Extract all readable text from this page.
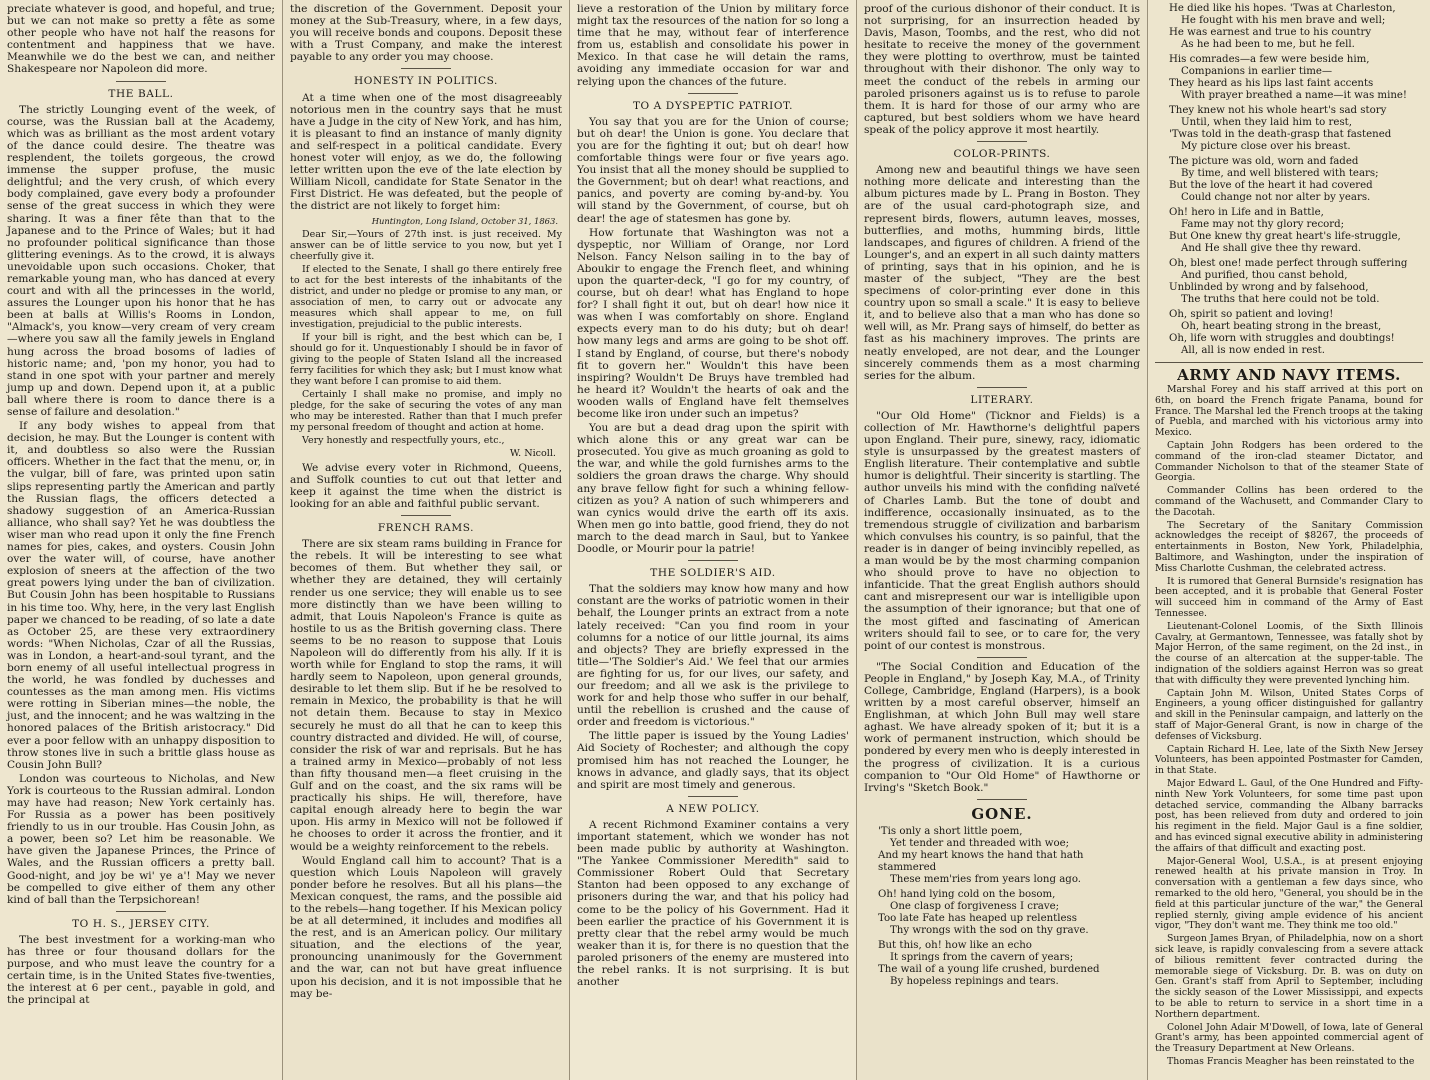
preciate whatever is good, and hopeful, and true; but we can not make so pretty a fête as some other people who have not half the reasons for contentment and happiness that we have. Meanwhile we do the best we can, and neither Shakespeare nor Napoleon did more.

THE BALL.

The strictly Lounging event of the week, of course, was the Russian ball at the Academy, which was as brilliant as the most ardent votary of the dance could desire. The theatre was resplendent, the toilets gorgeous, the crowd immense the supper profuse, the music delightful; and the very crush, of which every body complained, gave every body a profounder sense of the great success in which they were sharing. It was a finer fête than that to the Japanese and to the Prince of Wales; but it had no profounder political significance than those glittering evenings. As to the crowd, it is always unevoidable upon such occasions. Choker, that remarkable young man, who has danced at every court and with all the princesses in the world, assures the Lounger upon his honor that he has been at balls at Willis's Rooms in London, "Almack's, you know—very cream of very cream—where you saw all the family jewels in England hung across the broad bosoms of ladies of historic name; and, 'pon my honor, you had to stand in one spot with your partner and merely jump up and down. Depend upon it, at a public ball where there is room to dance there is a sense of failure and desolation."

If any body wishes to appeal from that decision, he may. But the Lounger is content with it, and doubtless so also were the Russian officers. Whether in the fact that the menu, or, in the vulgar, bill of fare, was printed upon satin slips representing partly the American and partly the Russian flags, the officers detected a shadowy suggestion of an America-Russian alliance, who shall say? Yet he was doubtless the wiser man who read upon it only the fine French names for pies, cakes, and oysters. Cousin John over the water will, of course, have another explosion of sneers at the affection of the two great powers lying under the ban of civilization. But Cousin John has been hospitable to Russians in his time too. Why, here, in the very last English paper we chanced to be reading, of so late a date as October 25, are these very extraordinery words: "When Nicholas, Czar of all the Russias, was in London, a heart-and-soul tyrant, and the born enemy of all useful intellectual progress in the world, he was fondled by duchesses and countesses as the man among men. His victims were rotting in Siberian mines—the noble, the just, and the innocent; and he was waltzing in the honored palaces of the British aristocracy." Did ever a poor fellow with an unhappy disposition to throw stones live in such a brittle glass house as Cousin John Bull?

London was courteous to Nicholas, and New York is courteous to the Russian admiral. London may have had reason; New York certainly has. For Russia as a power has been positively friendly to us in our trouble. Has Cousin John, as a power, been so? Let him be reasonable. We have given the Japanese Princes, the Prince of Wales, and the Russian officers a pretty ball. Good-night, and joy be wi' ye a'! May we never be compelled to give either of them any other kind of ball than the Terpsichorean!

TO H. S., JERSEY CITY.

The best investment for a working-man who has three or four thousand dollars for the purpose, and who must leave the country for a certain time, is in the United States five-twenties, the interest at 6 per cent., payable in gold, and the principal at

the discretion of the Government. Deposit your money at the Sub-Treasury, where, in a few days, you will receive bonds and coupons. Deposit these with a Trust Company, and make the interest payable to any order you may choose.

HONESTY IN POLITICS.

At a time when one of the most disagreeably notorious men in the country says that he must have a Judge in the city of New York, and has him, it is pleasant to find an instance of manly dignity and self-respect in a political candidate. Every honest voter will enjoy, as we do, the following letter written upon the eve of the late election by William Nicoll, candidate for State Senator in the First District. He was defeated, but the people of the district are not likely to forget him:

Huntington, Long Island, October 31, 1863.

Dear Sir,—Yours of 27th inst. is just received. My answer can be of little service to you now, but yet I cheerfully give it.

If elected to the Senate, I shall go there entirely free to act for the best interests of the inhabitants of the district, and under no pledge or promise to any man, or association of men, to carry out or advocate any measures which shall appear to me, on full investigation, prejudicial to the public interests.

If your bill is right, and the best which can be, I should go for it. Unquestionably I should be in favor of giving to the people of Staten Island all the increased ferry facilities for which they ask; but I must know what they want before I can promise to aid them.

Certainly I shall make no promise, and imply no pledge, for the sake of securing the votes of any man who may be interested. Rather than that I much prefer my personal freedom of thought and action at home.

Very honestly and respectfully yours, etc.,

W. Nicoll.

We advise every voter in Richmond, Queens, and Suffolk counties to cut out that letter and keep it against the time when the district is looking for an able and faithful public servant.

FRENCH RAMS.

There are six steam rams building in France for the rebels. It will be interesting to see what becomes of them. But whether they sail, or whether they are detained, they will certainly render us one service; they will enable us to see more distinctly than we have been willing to admit, that Louis Napoleon's France is quite as hostile to us as the British governing class. There seems to be no reason to suppose that Louis Napoleon will do differently from his ally. If it is worth while for England to stop the rams, it will hardly seem to Napoleon, upon general grounds, desirable to let them slip. But if he be resolved to remain in Mexico, the probability is that he will not detain them. Because to stay in Mexico securely he must do all that he can to keep this country distracted and divided. He will, of course, consider the risk of war and reprisals. But he has a trained army in Mexico—probably of not less than fifty thousand men—a fleet cruising in the Gulf and on the coast, and the six rams will be practically his ships. He will, therefore, have capital enough already here to begin the war upon. His army in Mexico will not be followed if he chooses to order it across the frontier, and it would be a weighty reinforcement to the rebels.

Would England call him to account? That is a question which Louis Napoleon will gravely ponder before he resolves. But all his plans—the Mexican conquest, the rams, and the possible aid to the rebels—hang together. If his Mexican policy be at all determined, it includes and modifies all the rest, and is an American policy. Our military situation, and the elections of the year, pronouncing unanimously for the Government and the war, can not but have great influence upon his decision, and it is not impossible that he may be-

lieve a restoration of the Union by military force might tax the resources of the nation for so long a time that he may, without fear of interference from us, establish and consolidate his power in Mexico. In that case he will detain the rams, avoiding any immediate occasion for war and relying upon the chances of the future.

TO A DYSPEPTIC PATRIOT.

You say that you are for the Union of course; but oh dear! the Union is gone. You declare that you are for the fighting it out; but oh dear! how comfortable things were four or five years ago. You insist that all the money should be supplied to the Government; but oh dear! what reactions, and panics, and poverty are coming by-and-by. You will stand by the Government, of course, but oh dear! the age of statesmen has gone by.

How fortunate that Washington was not a dyspeptic, nor William of Orange, nor Lord Nelson. Fancy Nelson sailing in to the bay of Aboukir to engage the French fleet, and whining upon the quarter-deck, "I go for my country, of course, but oh dear! what has England to hope for? I shall fight it out, but oh dear! how nice it was when I was comfortably on shore. England expects every man to do his duty; but oh dear! how many legs and arms are going to be shot off. I stand by England, of course, but there's nobody fit to govern her." Wouldn't this have been inspiring? Wouldn't De Bruys have trembled had he heard it? Wouldn't the hearts of oak and the wooden walls of England have felt themselves become like iron under such an impetus?

You are but a dead drag upon the spirit with which alone this or any great war can be prosecuted. You give as much groaning as gold to the war, and while the gold furnishes arms to the soldiers the groan draws the charge. Why should any brave fellow fight for such a whining fellow-citizen as you? A nation of such whimperers and wan cynics would drive the earth off its axis. When men go into battle, good friend, they do not march to the dead march in Saul, but to Yankee Doodle, or Mourir pour la patrie!

THE SOLDIER'S AID.

That the soldiers may know how many and how constant are the works of patriotic women in their behalf, the Lounger prints an extract from a note lately received: "Can you find room in your columns for a notice of our little journal, its aims and objects? They are briefly expressed in the title—'The Soldier's Aid.' We feel that our armies are fighting for us, for our lives, our safety, and our freedom; and all we ask is the privilege to work for and help those who suffer in our behalf, until the rebellion is crushed and the cause of order and freedom is victorious."

The little paper is issued by the Young Ladies' Aid Society of Rochester; and although the copy promised him has not reached the Lounger, he knows in advance, and gladly says, that its object and spirit are most timely and generous.

A NEW POLICY.

A recent Richmond Examiner contains a very important statement, which we wonder has not been made public by authority at Washington. "The Yankee Commissioner Meredith" said to Commissioner Robert Ould that Secretary Stanton had been opposed to any exchange of prisoners during the war, and that his policy had come to be the policy of his Government. Had it been earlier the practice of his Government it is pretty clear that the rebel army would be much weaker than it is, for there is no question that the paroled prisoners of the enemy are mustered into the rebel ranks. It is not surprising. It is but another

proof of the curious dishonor of their conduct. It is not surprising, for an insurrection headed by Davis, Mason, Toombs, and the rest, who did not hesitate to receive the money of the government they were plotting to overthrow, must be tainted throughout with their dishonor. The only way to meet the conduct of the rebels in arming our paroled prisoners against us is to refuse to parole them. It is hard for those of our army who are captured, but best soldiers whom we have heard speak of the policy approve it most heartily.

COLOR-PRINTS.

Among new and beautiful things we have seen nothing more delicate and interesting than the album pictures made by L. Prang in Boston. They are of the usual card-photograph size, and represent birds, flowers, autumn leaves, mosses, butterflies, and moths, humming birds, little landscapes, and figures of children. A friend of the Lounger's, and an expert in all such dainty matters of printing, says that in his opinion, and he is master of the subject, "They are the best specimens of color-printing ever done in this country upon so small a scale." It is easy to believe it, and to believe also that a man who has done so well will, as Mr. Prang says of himself, do better as fast as his machinery improves. The prints are neatly enveloped, are not dear, and the Lounger sincerely commends them as a most charming series for the album.

LITERARY.

"Our Old Home" (Ticknor and Fields) is a collection of Mr. Hawthorne's delightful papers upon England. Their pure, sinewy, racy, idiomatic style is unsurpassed by the greatest masters of English literature. Their contemplative and subtle humor is delightful. Their sincerity is startling. The author unveils his mind with the confiding naïveté of Charles Lamb. But the tone of doubt and indifference, occasionally insinuated, as to the tremendous struggle of civilization and barbarism which convulses his country, is so painful, that the reader is in danger of being invincibly repelled, as a man would be by the most charming companion who should prove to have no objection to infanticide. That the great English authors should cant and misrepresent our war is intelligible upon the assumption of their ignorance; but that one of the most gifted and fascinating of American writers should fail to see, or to care for, the very point of our contest is monstrous.

"The Social Condition and Education of the People in England," by Joseph Kay, M.A., of Trinity College, Cambridge, England (Harpers), is a book written by a most careful observer, himself an Englishman, at which John Bull may well stare aghast. We have already spoken of it; but it is a work of permanent instruction, which should be pondered by every men who is deeply interested in the progress of civilization. It is a curious companion to "Our Old Home" of Hawthorne or Irving's "Sketch Book."

GONE.
'Tis only a short little poem,
Yet tender and threaded with woe;
And my heart knows the hand that hath stammered
These mem'ries from years long ago.
Oh! hand lying cold on the bosom,
One clasp of forgiveness I crave;
Too late Fate has heaped up relentless
Thy wrongs with the sod on thy grave.
But this, oh! how like an echo
It springs from the cavern of years;
The wail of a young life crushed, burdened
By hopeless repinings and tears.
He died like his hopes. 'Twas at Charleston,
He fought with his men brave and well;
He was earnest and true to his country
As he had been to me, but he fell.
His comrades—a few were beside him,
Companions in earlier time—
They heard as his lips last faint accents
With prayer breathed a name—it was mine!
They knew not his whole heart's sad story
Until, when they laid him to rest,
'Twas told in the death-grasp that fastened
My picture close over his breast.
The picture was old, worn and faded
By time, and well blistered with tears;
But the love of the heart it had covered
Could change not nor alter by years.
Oh! hero in Life and in Battle,
Fame may not thy glory record;
But One knew thy great heart's life-struggle,
And He shall give thee thy reward.
Oh, blest one! made perfect through suffering
And purified, thou canst behold,
Unblinded by wrong and by falsehood,
The truths that here could not be told.
Oh, spirit so patient and loving!
Oh, heart beating strong in the breast,
Oh, life worn with struggles and doubtings!
All, all is now ended in rest.
ARMY AND NAVY ITEMS.

Marshal Forey and his staff arrived at this port on 6th, on board the French frigate Panama, bound for France. The Marshal led the French troops at the taking of Puebla, and marched with his victorious army into Mexico.

Captain John Rodgers has been ordered to the command of the iron-clad steamer Dictator, and Commander Nicholson to that of the steamer State of Georgia.

Commander Collins has been ordered to the command of the Wachusett, and Commander Clary to the Dacotah.

The Secretary of the Sanitary Commission acknowledges the receipt of $8267, the proceeds of entertainments in Boston, New York, Philadelphia, Baltimore, and Washington, under the inspiration of Miss Charlotte Cushman, the celebrated actress.

It is rumored that General Burnside's resignation has been accepted, and it is probable that General Foster will succeed him in command of the Army of East Tennessee.

Lieutenant-Colonel Loomis, of the Sixth Illinois Cavalry, at Germantown, Tennessee, was fatally shot by Major Herron, of the same regiment, on the 2d inst., in the course of an altercation at the supper-table. The indignation of the soldiers against Herron was so great that with difficulty they were prevented lynching him.

Captain John M. Wilson, United States Corps of Engineers, a young officer distinguished for gallantry and skill in the Peninsular campaign, and latterly on the staff of Major-General Grant, is now in charge of the defenses of Vicksburg.

Captain Richard H. Lee, late of the Sixth New Jersey Volunteers, has been appointed Postmaster for Camden, in that State.

Major Edward L. Gaul, of the One Hundred and Fifty-ninth New York Volunteers, for some time past upon detached service, commanding the Albany barracks post, has been relieved from duty and ordered to join his regiment in the field. Major Gaul is a fine soldier, and has evinced signal executive ability in administering the affairs of that difficult and exacting post.

Major-General Wool, U.S.A., is at present enjoying renewed health at his private mansion in Troy. In conversation with a gentleman a few days since, who remarked to the old hero, "General, you should be in the field at this particular juncture of the war," the General replied sternly, giving ample evidence of his ancient vigor, "They don't want me. They think me too old."

Surgeon James Bryan, of Philadelphia, now on a short sick leave, is rapidly convalescing from a severe attack of bilious remittent fever contracted during the memorable siege of Vicksburg. Dr. B. was on duty on Gen. Grant's staff from April to September, including the sickly season of the Lower Mississippi, and expects to be able to return to service in a short time in a Northern department.

Colonel John Adair M'Dowell, of Iowa, late of General Grant's army, has been appointed commercial agent of the Treasury Department at New Orleans.

Thomas Francis Meagher has been reinstated to the
